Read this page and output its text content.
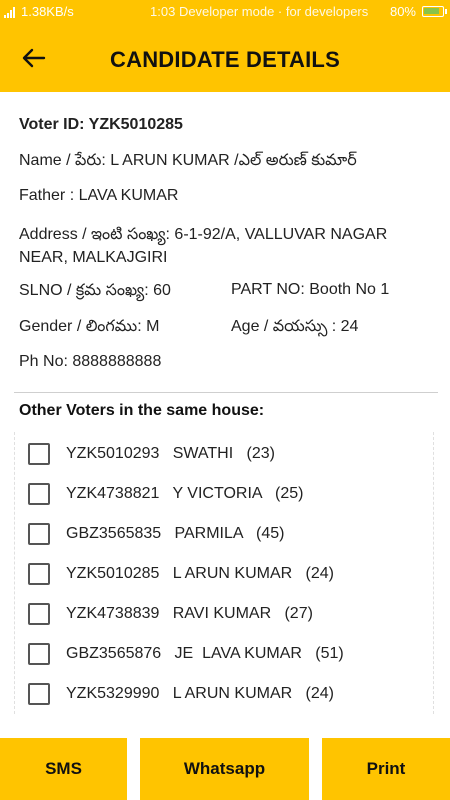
1.38KB/s	1:03 Developer mode · for developers 80%
CANDIDATE DETAILS
Voter ID: YZK5010285
Name / పేరు: L ARUN KUMAR /ఎల్ అరుణ్ కుమార్
Father : LAVA KUMAR
Address / ఇంటి సంఖ్య: 6-1-92/A, VALLUVAR NAGAR NEAR, MALKAJGIRI
SLNO / క్రమ సంఖ్య: 60	PART NO: Booth No 1
Gender / లింగము: M	Age / వయస్సు : 24
Ph No: 8888888888
Other Voters in the same house:
YZK5010293   SWATHI   (23)
YZK4738821   Y VICTORIA   (25)
GBZ3565835   PARMILA   (45)
YZK5010285   L ARUN KUMAR   (24)
YZK4738839   RAVI KUMAR   (27)
GBZ3565876   JE  LAVA KUMAR   (51)
YZK5329990   L ARUN KUMAR   (24)
SMS	Whatsapp	Print
